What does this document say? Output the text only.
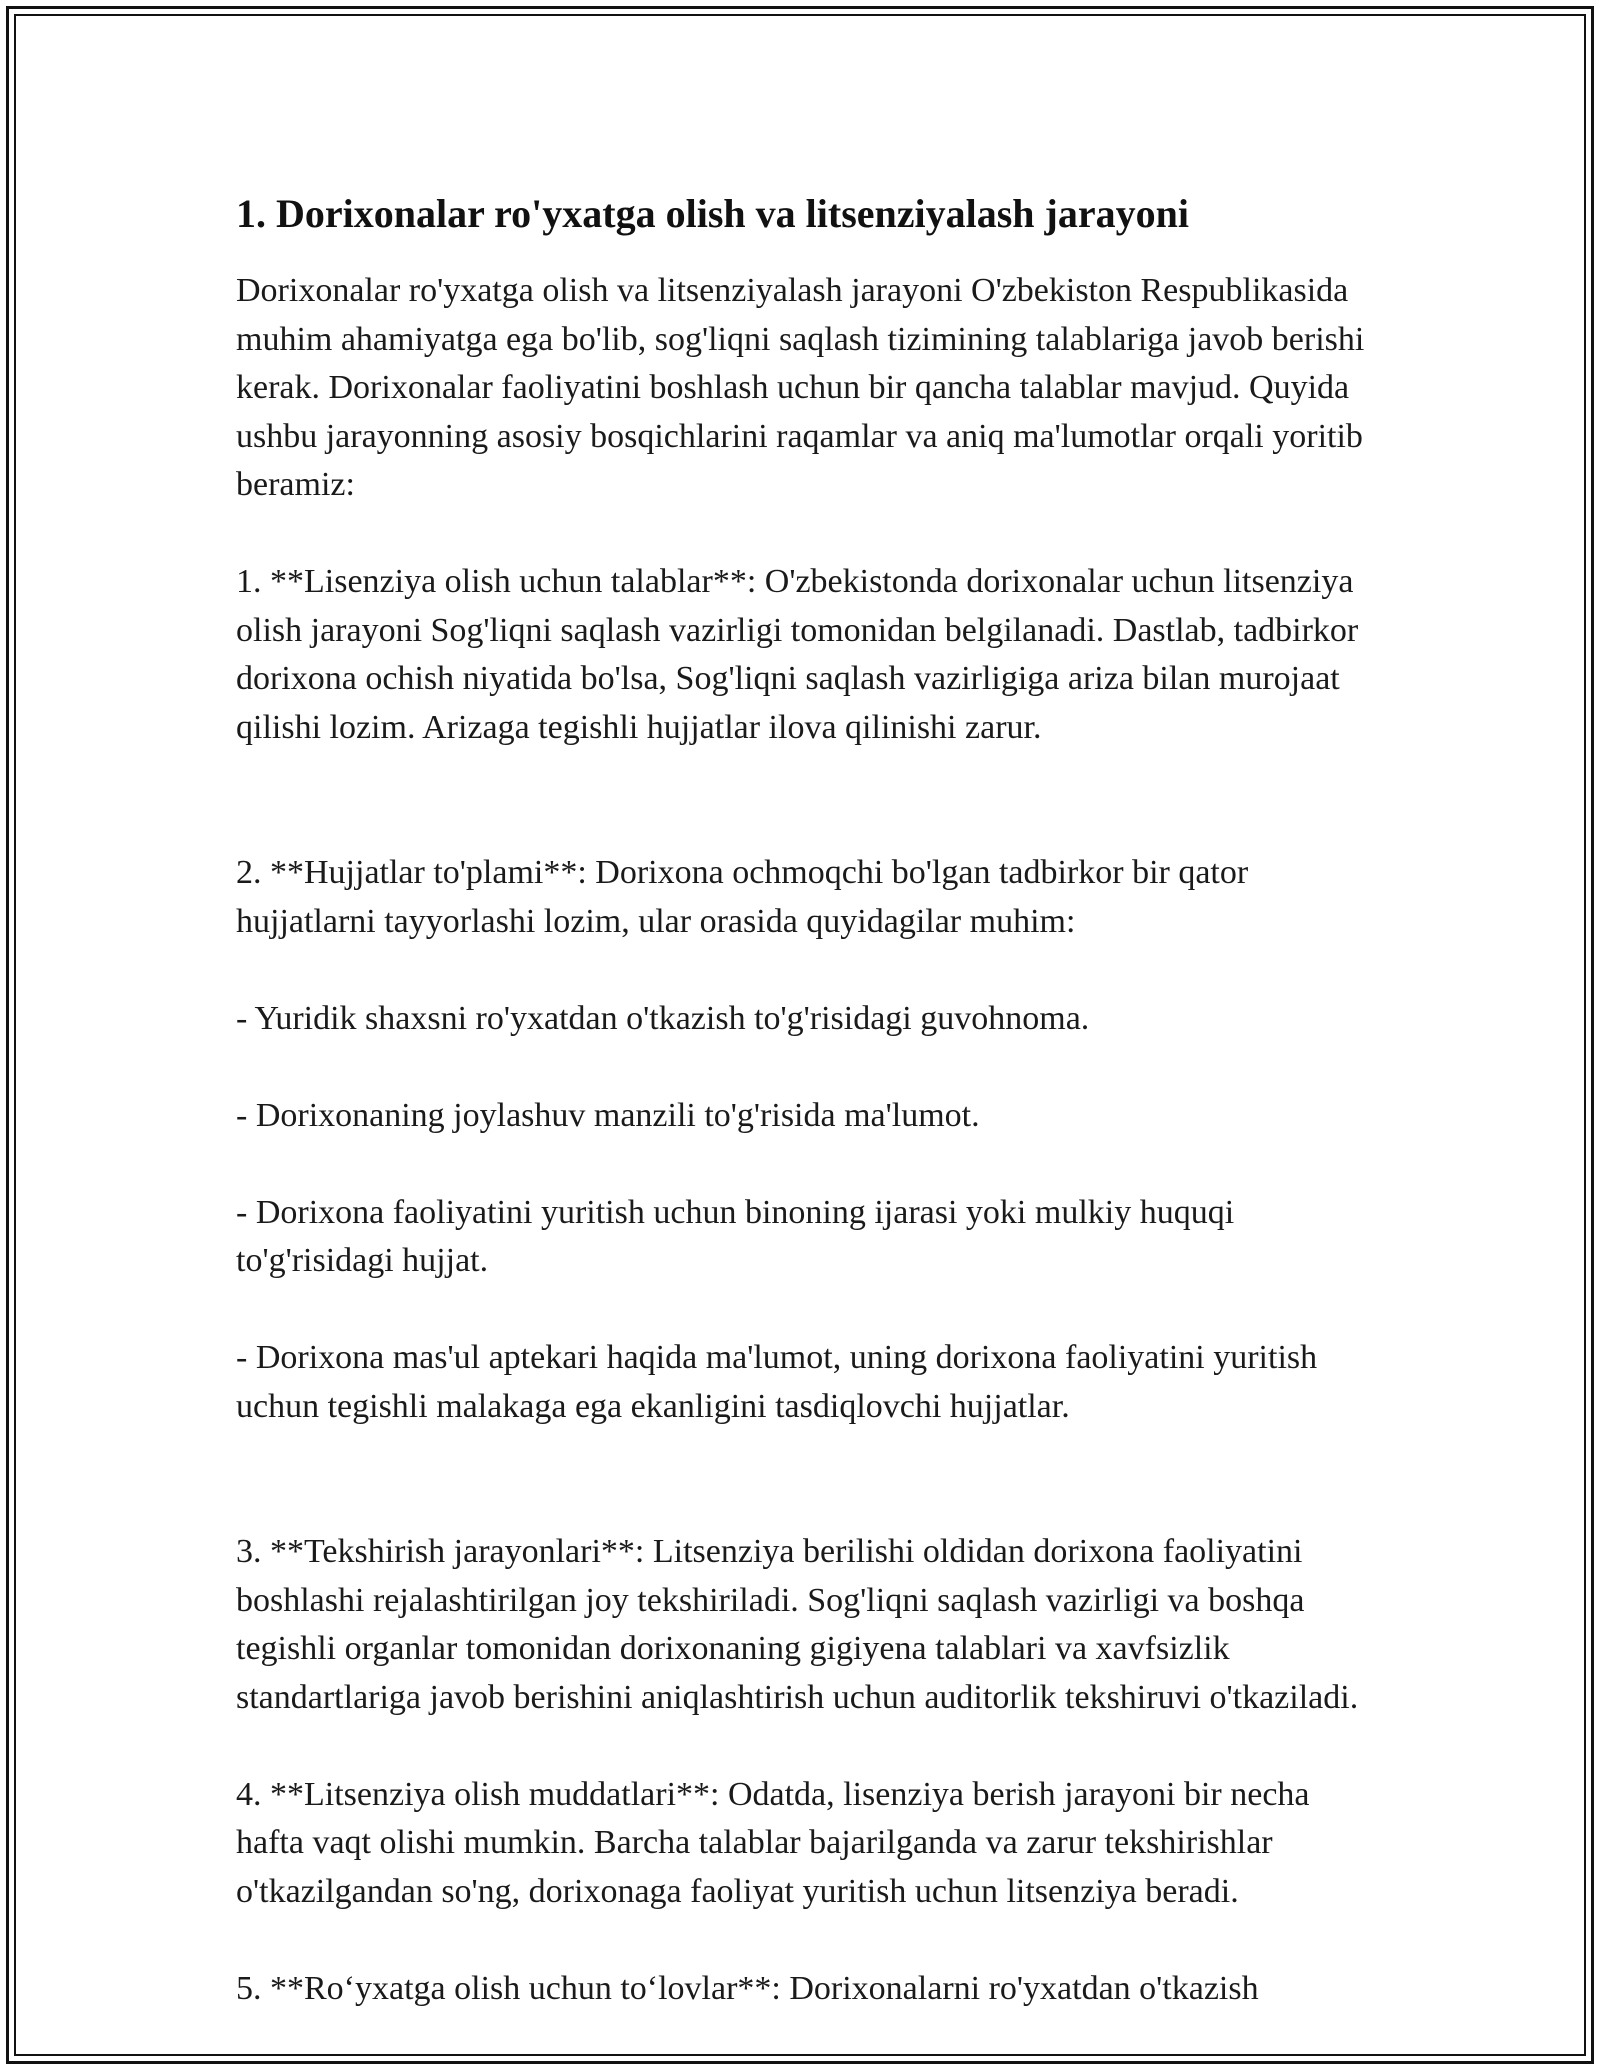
1. Dorixonalar ro'yxatga olish va litsenziyalash jarayoni

Dorixonalar ro'yxatga olish va litsenziyalash jarayoni O'zbekiston Respublikasida muhim ahamiyatga ega bo'lib, sog'liqni saqlash tizimining talablariga javob berishi kerak. Dorixonalar faoliyatini boshlash uchun bir qancha talablar mavjud. Quyida ushbu jarayonning asosiy bosqichlarini raqamlar va aniq ma'lumotlar orqali yoritib beramiz:

1. **Lisenziya olish uchun talablar**: O'zbekistonda dorixonalar uchun litsenziya olish jarayoni Sog'liqni saqlash vazirligi tomonidan belgilanadi. Dastlab, tadbirkor dorixona ochish niyatida bo'lsa, Sog'liqni saqlash vazirligiga ariza bilan murojaat qilishi lozim. Arizaga tegishli hujjatlar ilova qilinishi zarur.

2. **Hujjatlar to'plami**: Dorixona ochmoqchi bo'lgan tadbirkor bir qator hujjatlarni tayyorlashi lozim, ular orasida quyidagilar muhim:

- Yuridik shaxsni ro'yxatdan o'tkazish to'g'risidagi guvohnoma.

- Dorixonaning joylashuv manzili to'g'risida ma'lumot.

- Dorixona faoliyatini yuritish uchun binoning ijarasi yoki mulkiy huquqi to'g'risidagi hujjat.

- Dorixona mas'ul aptekari haqida ma'lumot, uning dorixona faoliyatini yuritish uchun tegishli malakaga ega ekanligini tasdiqlovchi hujjatlar.

3. **Tekshirish jarayonlari**: Litsenziya berilishi oldidan dorixona faoliyatini boshlashi rejalashtirilgan joy tekshiriladi. Sog'liqni saqlash vazirligi va boshqa tegishli organlar tomonidan dorixonaning gigiyena talablari va xavfsizlik standartlariga javob berishini aniqlashtirish uchun auditorlik tekshiruvi o'tkaziladi.

4. **Litsenziya olish muddatlari**: Odatda, lisenziya berish jarayoni bir necha hafta vaqt olishi mumkin. Barcha talablar bajarilganda va zarur tekshirishlar o'tkazilgandan so'ng, dorixonaga faoliyat yuritish uchun litsenziya beradi.

5. **Ro‘yxatga olish uchun to‘lovlar**: Dorixonalarni ro'yxatdan o'tkazish
